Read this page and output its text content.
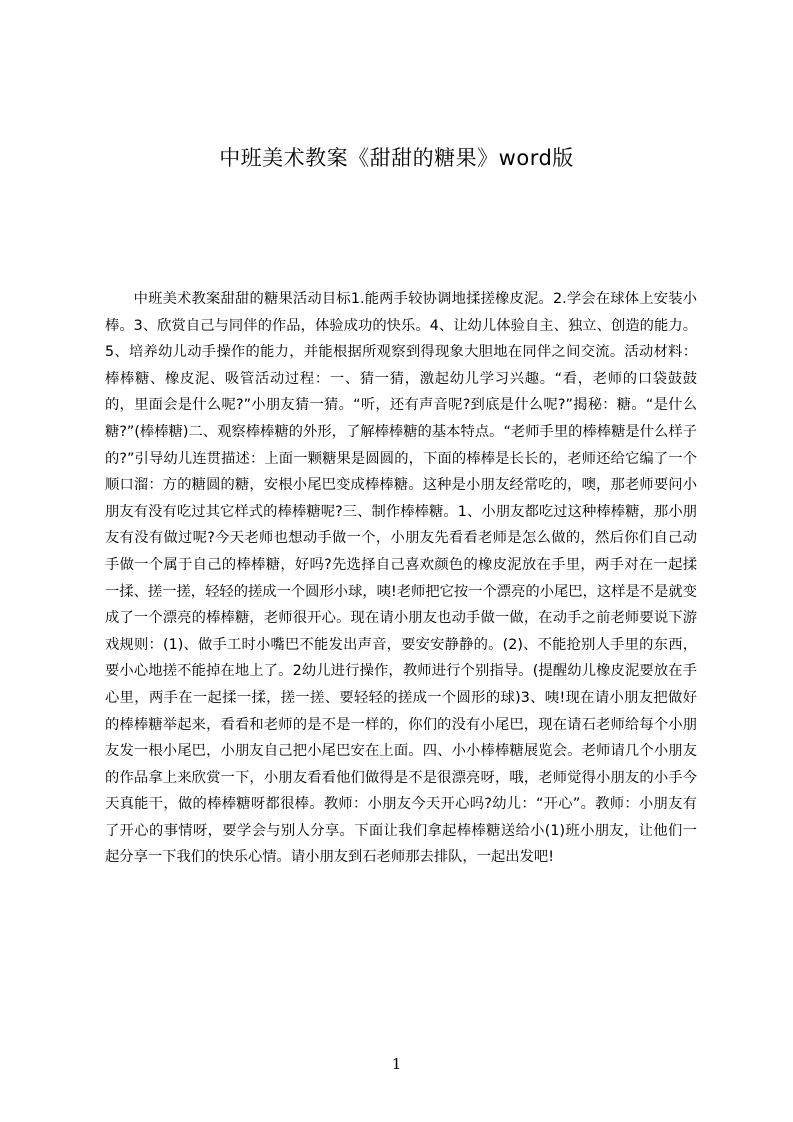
中班美术教案《甜甜的糖果》word版

中班美术教案甜甜的糖果活动目标1.能两手较协调地揉搓橡皮泥。2.学会在球体上安装小棒。3、欣赏自己与同伴的作品，体验成功的快乐。4、让幼儿体验自主、独立、创造的能力。5、培养幼儿动手操作的能力，并能根据所观察到得现象大胆地在同伴之间交流。活动材料：棒棒糖、橡皮泥、吸管活动过程：一、猜一猜，激起幼儿学习兴趣。“看，老师的口袋鼓鼓的，里面会是什么呢?”小朋友猜一猜。“听，还有声音呢?到底是什么呢?”揭秘：糖。“是什么糖?”(棒棒糖)二、观察棒棒糖的外形，了解棒棒糖的基本特点。“老师手里的棒棒糖是什么样子的?”引导幼儿连贯描述：上面一颗糖果是圆圆的，下面的棒棒是长长的，老师还给它编了一个顺口溜：方的糖圆的糖，安根小尾巴变成棒棒糖。这种是小朋友经常吃的，噢，那老师要问小朋友有没有吃过其它样式的棒棒糖呢?三、制作棒棒糖。1、小朋友都吃过这种棒棒糖，那小朋友有没有做过呢?今天老师也想动手做一个，小朋友先看看老师是怎么做的，然后你们自己动手做一个属于自己的棒棒糖，好吗?先选择自己喜欢颜色的橡皮泥放在手里，两手对在一起揉一揉、搓一搓，轻轻的搓成一个圆形小球，咦!老师把它按一个漂亮的小尾巴，这样是不是就变成了一个漂亮的棒棒糖，老师很开心。现在请小朋友也动手做一做，在动手之前老师要说下游戏规则：(1)、做手工时小嘴巴不能发出声音，要安安静静的。(2)、不能抢别人手里的东西，要小心地搓不能掉在地上了。2幼儿进行操作，教师进行个别指导。(提醒幼儿橡皮泥要放在手心里，两手在一起揉一揉，搓一搓、要轻轻的搓成一个圆形的球)3、咦!现在请小朋友把做好的棒棒糖举起来，看看和老师的是不是一样的，你们的没有小尾巴，现在请石老师给每个小朋友发一根小尾巴，小朋友自己把小尾巴安在上面。四、小小棒棒糖展览会。老师请几个小朋友的作品拿上来欣赏一下，小朋友看看他们做得是不是很漂亮呀，哦，老师觉得小朋友的小手今天真能干，做的棒棒糖呀都很棒。教师：小朋友今天开心吗?幼儿：“开心”。教师：小朋友有了开心的事情呀，要学会与别人分享。下面让我们拿起棒棒糖送给小(1)班小朋友，让他们一起分享一下我们的快乐心情。请小朋友到石老师那去排队，一起出发吧!

1
